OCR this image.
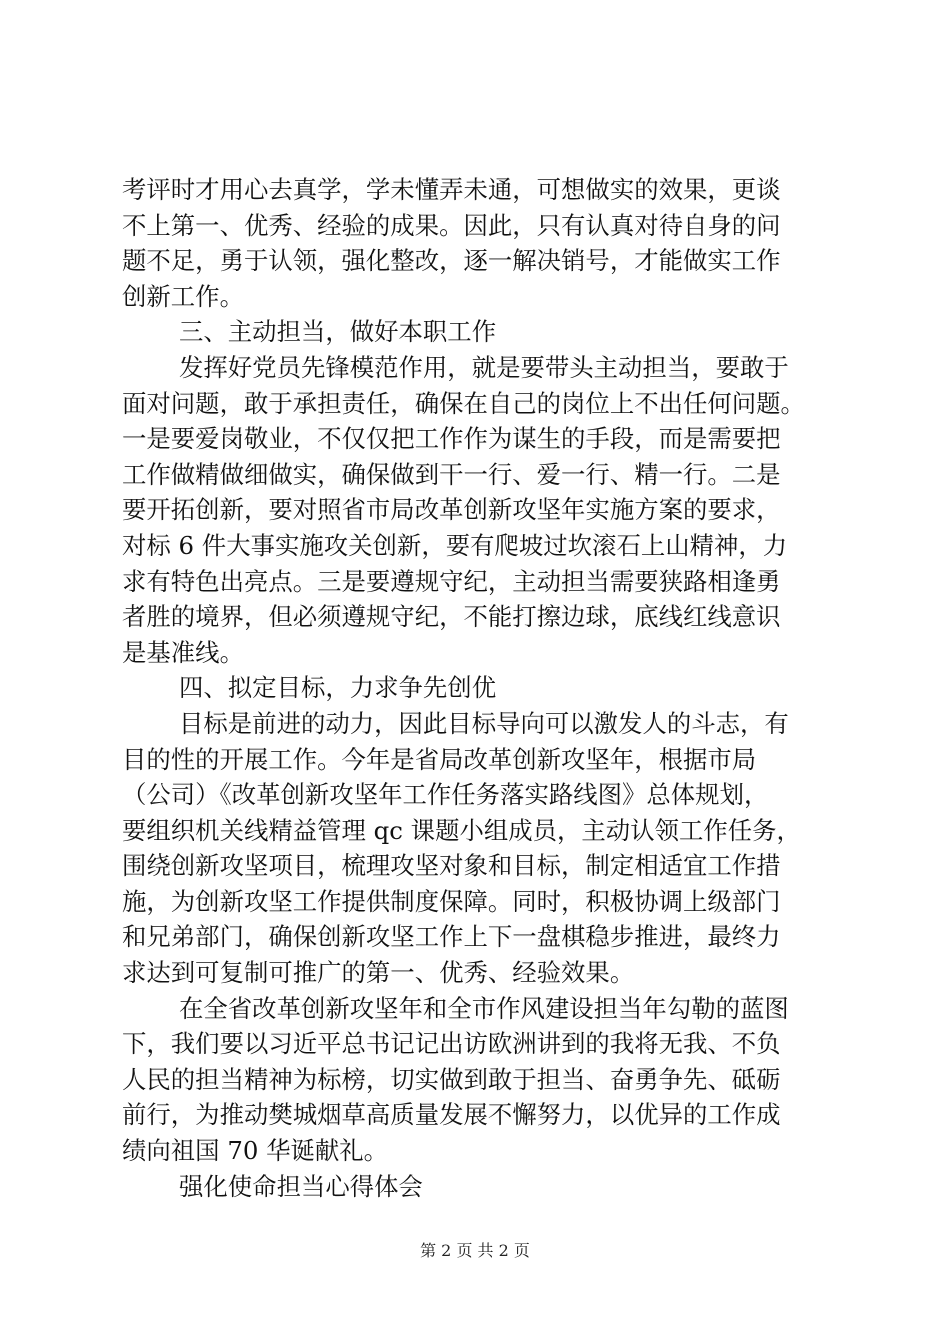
考评时才用心去真学，学未懂弄未通，可想做实的效果，更谈
不上第一、优秀、经验的成果。因此，只有认真对待自身的问
题不足，勇于认领，强化整改，逐一解决销号，才能做实工作
创新工作。
三、主动担当，做好本职工作
发挥好党员先锋模范作用，就是要带头主动担当，要敢于
面对问题，敢于承担责任，确保在自己的岗位上不出任何问题。
一是要爱岗敬业，不仅仅把工作作为谋生的手段，而是需要把
工作做精做细做实，确保做到干一行、爱一行、精一行。二是
要开拓创新，要对照省市局改革创新攻坚年实施方案的要求，
对标 6 件大事实施攻关创新，要有爬坡过坎滚石上山精神，力
求有特色出亮点。三是要遵规守纪，主动担当需要狭路相逢勇
者胜的境界，但必须遵规守纪，不能打擦边球，底线红线意识
是基准线。
四、拟定目标，力求争先创优
目标是前进的动力，因此目标导向可以激发人的斗志，有
目的性的开展工作。今年是省局改革创新攻坚年，根据市局
（公司）《改革创新攻坚年工作任务落实路线图》总体规划，
要组织机关线精益管理 qc 课题小组成员，主动认领工作任务，
围绕创新攻坚项目，梳理攻坚对象和目标，制定相适宜工作措
施，为创新攻坚工作提供制度保障。同时，积极协调上级部门
和兄弟部门，确保创新攻坚工作上下一盘棋稳步推进，最终力
求达到可复制可推广的第一、优秀、经验效果。
在全省改革创新攻坚年和全市作风建设担当年勾勒的蓝图
下，我们要以习近平总书记记出访欧洲讲到的我将无我、不负
人民的担当精神为标榜，切实做到敢于担当、奋勇争先、砥砺
前行，为推动樊城烟草高质量发展不懈努力，以优异的工作成
绩向祖国 70 华诞献礼。
强化使命担当心得体会
第 2 页 共 2 页
